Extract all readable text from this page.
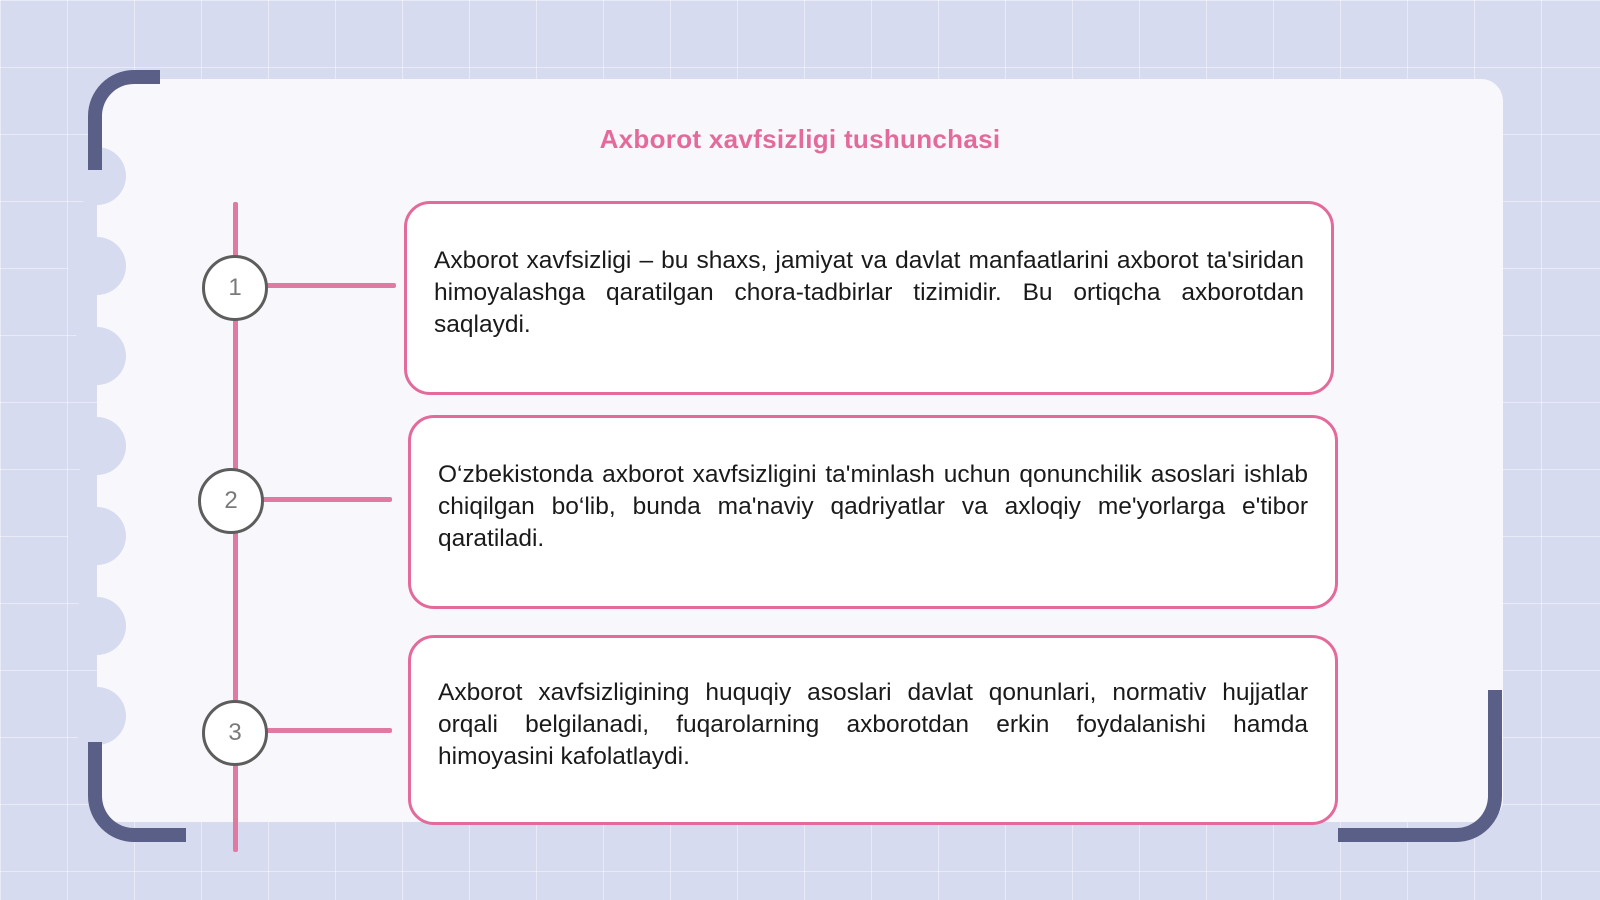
Axborot xavfsizligi tushunchasi
1
Axborot xavfsizligi – bu shaxs, jamiyat va davlat manfaatlarini axborot ta'siridan himoyalashga qaratilgan chora-tadbirlar tizimidir. Bu ortiqcha axborotdan saqlaydi.
2
O‘zbekistonda axborot xavfsizligini ta'minlash uchun qonunchilik asoslari ishlab chiqilgan bo‘lib, bunda ma'naviy qadriyatlar va axloqiy me'yorlarga e'tibor qaratiladi.
3
Axborot xavfsizligining huquqiy asoslari davlat qonunlari, normativ hujjatlar orqali belgilanadi, fuqarolarning axborotdan erkin foydalanishi hamda himoyasini kafolatlaydi.
